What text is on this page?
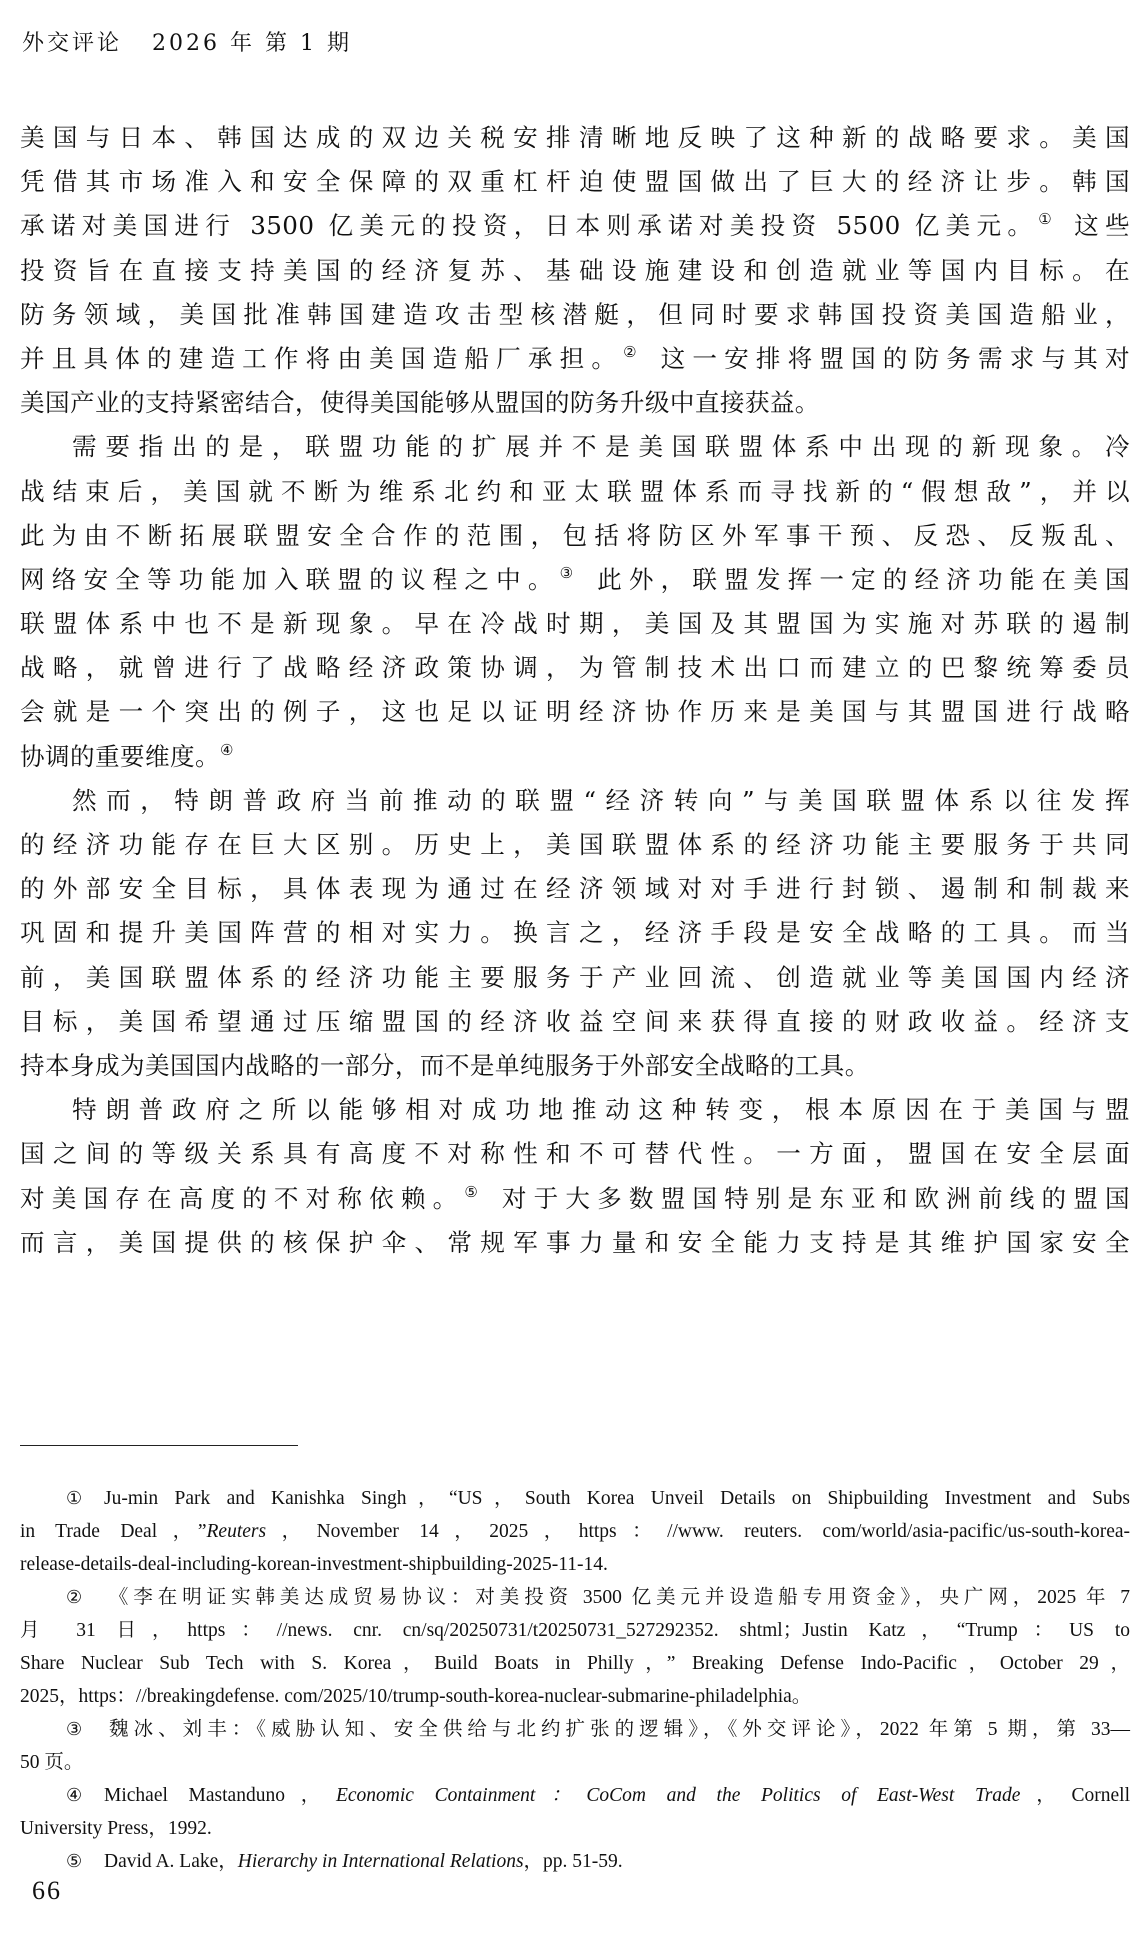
外交评论 2026 年 第 1 期
美国与日本、韩国达成的双边关税安排清晰地反映了这种新的战略要求。美国
凭借其市场准入和安全保障的双重杠杆迫使盟国做出了巨大的经济让步。韩国
承诺对美国进行 3500 亿美元的投资，日本则承诺对美投资 5500 亿美元。① 这些
投资旨在直接支持美国的经济复苏、基础设施建设和创造就业等国内目标。在
防务领域，美国批准韩国建造攻击型核潜艇，但同时要求韩国投资美国造船业，
并且具体的建造工作将由美国造船厂承担。② 这一安排将盟国的防务需求与其对
美国产业的支持紧密结合，使得美国能够从盟国的防务升级中直接获益。
需要指出的是，联盟功能的扩展并不是美国联盟体系中出现的新现象。冷
战结束后，美国就不断为维系北约和亚太联盟体系而寻找新的“假想敌”，并以
此为由不断拓展联盟安全合作的范围，包括将防区外军事干预、反恐、反叛乱、
网络安全等功能加入联盟的议程之中。③ 此外，联盟发挥一定的经济功能在美国
联盟体系中也不是新现象。早在冷战时期，美国及其盟国为实施对苏联的遏制
战略，就曾进行了战略经济政策协调，为管制技术出口而建立的巴黎统筹委员
会就是一个突出的例子，这也足以证明经济协作历来是美国与其盟国进行战略
协调的重要维度。④
然而，特朗普政府当前推动的联盟“经济转向”与美国联盟体系以往发挥
的经济功能存在巨大区别。历史上，美国联盟体系的经济功能主要服务于共同
的外部安全目标，具体表现为通过在经济领域对对手进行封锁、遏制和制裁来
巩固和提升美国阵营的相对实力。换言之，经济手段是安全战略的工具。而当
前，美国联盟体系的经济功能主要服务于产业回流、创造就业等美国国内经济
目标，美国希望通过压缩盟国的经济收益空间来获得直接的财政收益。经济支
持本身成为美国国内战略的一部分，而不是单纯服务于外部安全战略的工具。
特朗普政府之所以能够相对成功地推动这种转变，根本原因在于美国与盟
国之间的等级关系具有高度不对称性和不可替代性。一方面，盟国在安全层面
对美国存在高度的不对称依赖。⑤ 对于大多数盟国特别是东亚和欧洲前线的盟国
而言，美国提供的核保护伞、常规军事力量和安全能力支持是其维护国家安全
① Ju-min Park and Kanishka Singh，“US，South Korea Unveil Details on Shipbuilding Investment and Subs
in Trade Deal，”Reuters，November 14，2025，https：//www. reuters. com/world/asia-pacific/us-south-korea-
release-details-deal-including-korean-investment-shipbuilding-2025-11-14.
② 《李在明证实韩美达成贸易协议：对美投资 3500 亿美元并设造船专用资金》，央广网，2025 年 7
月 31 日，https：//news. cnr. cn/sq/20250731/t20250731_527292352. shtml；Justin Katz，“Trump：US to
Share Nuclear Sub Tech with S. Korea，Build Boats in Philly，” Breaking Defense Indo-Pacific，October 29，
2025，https：//breakingdefense. com/2025/10/trump-south-korea-nuclear-submarine-philadelphia。
③ 魏冰、刘丰：《威胁认知、安全供给与北约扩张的逻辑》，《外交评论》，2022 年第 5 期，第 33—
50 页。
④ Michael Mastanduno，Economic Containment：CoCom and the Politics of East-West Trade，Cornell
University Press，1992.
⑤ David A. Lake，Hierarchy in International Relations，pp. 51-59.
66
